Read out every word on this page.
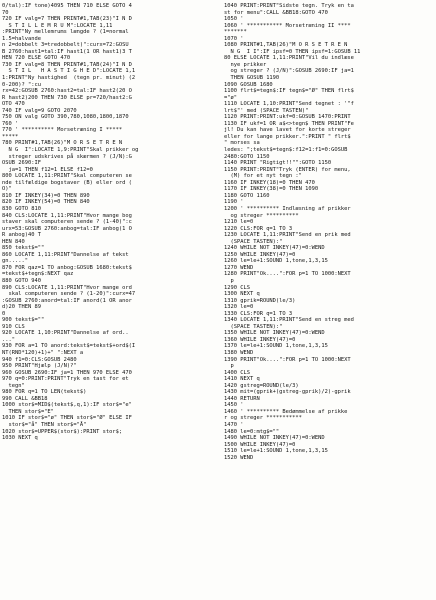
0/tal):IF tone)4095 THEN 710 ELSE GOTO 4
70
720 IF valg=7 THEN PRINT#1,TAB(23)"I N D
S T I L L E M R U M":LOCATE 1,11
:PRINT"Ny mellemrums længde ? (1=normal
1.5=halvande
n 2=dobbelt 3=tredobbelt)":curx=72:GOSU
B 2760:hast1=tal:IF hast1(1 OR hast1)3 T
HEN 720 ELSE GOTO 470
730 IF valg=8 THEN PRINT#1,TAB(24)"I N D
S T I L   H A S T I G H E D":LOCATE 1,1
1:PRINT"Ny hastighed  (tegn pr. minut) (2
0-200)? ":cu
rx=42:GOSUB 2760:hast2=tal:IF hast2(20 O
R hast2)200 THEN 730 ELSE pr=720/hast2:G
OTO 470
740 IF valg=9 GOTO 2070
750 ON valg GOTO 390,780,1080,1800,1870
760 '
770 ' ********** Morsetræning I *****
*****
780 PRINT#1,TAB(26)"M O R S E T R E N
N G  I":LOCATE 1,9:PRINT"Skal prikker og
streger udskrives på skærmen ? (J/N):G
OSUB 2690:IF
ja=1 THEN f12=1 ELSE f12=0
800 LOCATE 1,11:PRINT"Skal computeren se
nde tilfældige bogstaver (B) eller ord (
O)"
810 IF INKEY(34)=0 THEN 890
820 IF INKEY(54)=0 THEN 840
830 GOTO 810
840 CLS:LOCATE 1,11:PRINT"Hvor mange bog
staver skal computeren sende ? (1-40)":c
urx=53:GOSUB 2760:anbog=tal:IF anbog(1 O
R anbog)40 T
HEN 840
850 tekst$=""
860 LOCATE 1,11:PRINT"Dannelse af tekst
gn....."
870 FOR qaz=1 TO anbog:GOSUB 1680:tekst$
=tekst$+tegn$:NEXT qaz
880 GOTO 940
890 CLS:LOCATE 1,11:PRINT"Hvor mange ord
skal computeren sende ? (1-20)":curx=47
:GOSUB 2760:anord=tal:IF anord(1 OR anor
d)20 THEN 89
0
900 tekst$=""
910 CLS
920 LOCATE 1,10:PRINT"Dannelse af ord..
..."
930 FOR a=1 TO anord:tekst$=tekst$+ord$(I
NT(RND*120)+1)+" ":NEXT a
940 f1=0:CLS:GOSUB 2480
950 PRINT"Hjælp (J/N)?"
960 GOSUB 2690:IF ja=1 THEN 970 ELSE 470
970 q=0:PRINT:PRINT"Tryk en tast for et
tegn"
980 FOR q=1 TO LEN(tekst$)
990 CALL &BB18
1000 stor$=MID$(tekst$,q,1):IF stor$="e"
THEN stor$="E"
1010 IF stor$="ø" THEN stor$="Ø" ELSE IF
stor$="å" THEN stor$="Å"
1020 stor$=UPPER$(stor$):PRINT stor$;
1030 NEXT q
1040 PRINT:PRINT"Sidste tegn. Tryk en ta
st for menu":CALL &BB18:GOTO 470
1050 '
1060 ' *********** Morsetræning II ****
*******
1070 '
1080 PRINT#1,TAB(26)"M O R S E T R E N
N G  I I":IF ipsf=0 THEN ipsf=1:GOSUB 11
80 ELSE LOCATE 1,11:PRINT"Vil du indlæse
nye prikker
og streger ? (J/N)":GOSUB 2690:IF ja=1
THEN GOSUB 1190
1090 GOSUB 1680
1100 flrt$=tegn$:IF tegn$="Ø" THEN flrt$
="ø"
1110 LOCATE 1,10:PRINT"Send tegnet : '"f
lrt$"' med (SPACE TASTEN)"
1120 PRINT:PRINT:ukf=0:GOSUB 1470:PRINT
1130 IF ukf=1 OR a$<>tegn$ THEN PRINT"Fe
jl! Du kan have lavet for korte streger
eller for lange prikker.":PRINT " flrt$
" morses sa
ledes: ";tekst$=tegn$:f12=1:f1=0:GOSUB
2480:GOTO 1150
1140 PRINT "Rigtigt!!"":GOTO 1150
1150 PRINT:PRINT"Tryk (ENTER) for menu,
(M) for et nyt tegn :"
1160 IF INKEY(18)=0 THEN 470
1170 IF INKEY(38)=0 THEN 1090
1180 GOTO 1160
1190 '
1200 ' ********** Indlæsning af prikker
og streger **********
1210 le=0
1220 CLS:FOR q=1 TO 3
1230 LOCATE 1,11:PRINT"Send en prik med
(SPACE TASTEN):"
1240 WHILE NOT INKEY(47)=0:WEND
1250 WHILE INKEY(47)=0
1260 le=le+1:SOUND 1,tone,1,3,15
1270 WEND
1280 PRINT"Ok....":FOR p=1 TO 1000:NEXT
p
1290 CLS
1300 NEXT q
1310 gprik=ROUND(le/3)
1320 le=0
1330 CLS:FOR q=1 TO 3
1340 LOCATE 1,11:PRINT"Send en streg med
(SPACE TASTEN):"
1350 WHILE NOT INKEY(47)=0:WEND
1360 WHILE INKEY(47)=0
1370 le=le+1:SOUND 1,tone,1,3,15
1380 WEND
1390 PRINT"Ok....":FOR p=1 TO 1000:NEXT
p
1400 CLS
1410 NEXT q
1420 gstreg=ROUND(le/3)
1430 mit=(gprik+(gstreg-gprik)/2)-gprik
1440 RETURN
1450 '
1460 ' ********** Bedømmelse af prikke
r og streger ***********
1470 '
1480 le=0:mtg$=""
1490 WHILE NOT INKEY(47)=0:WEND
1500 WHILE INKEY(47)=0
1510 le=le+1:SOUND 1,tone,1,3,15
1520 WEND
